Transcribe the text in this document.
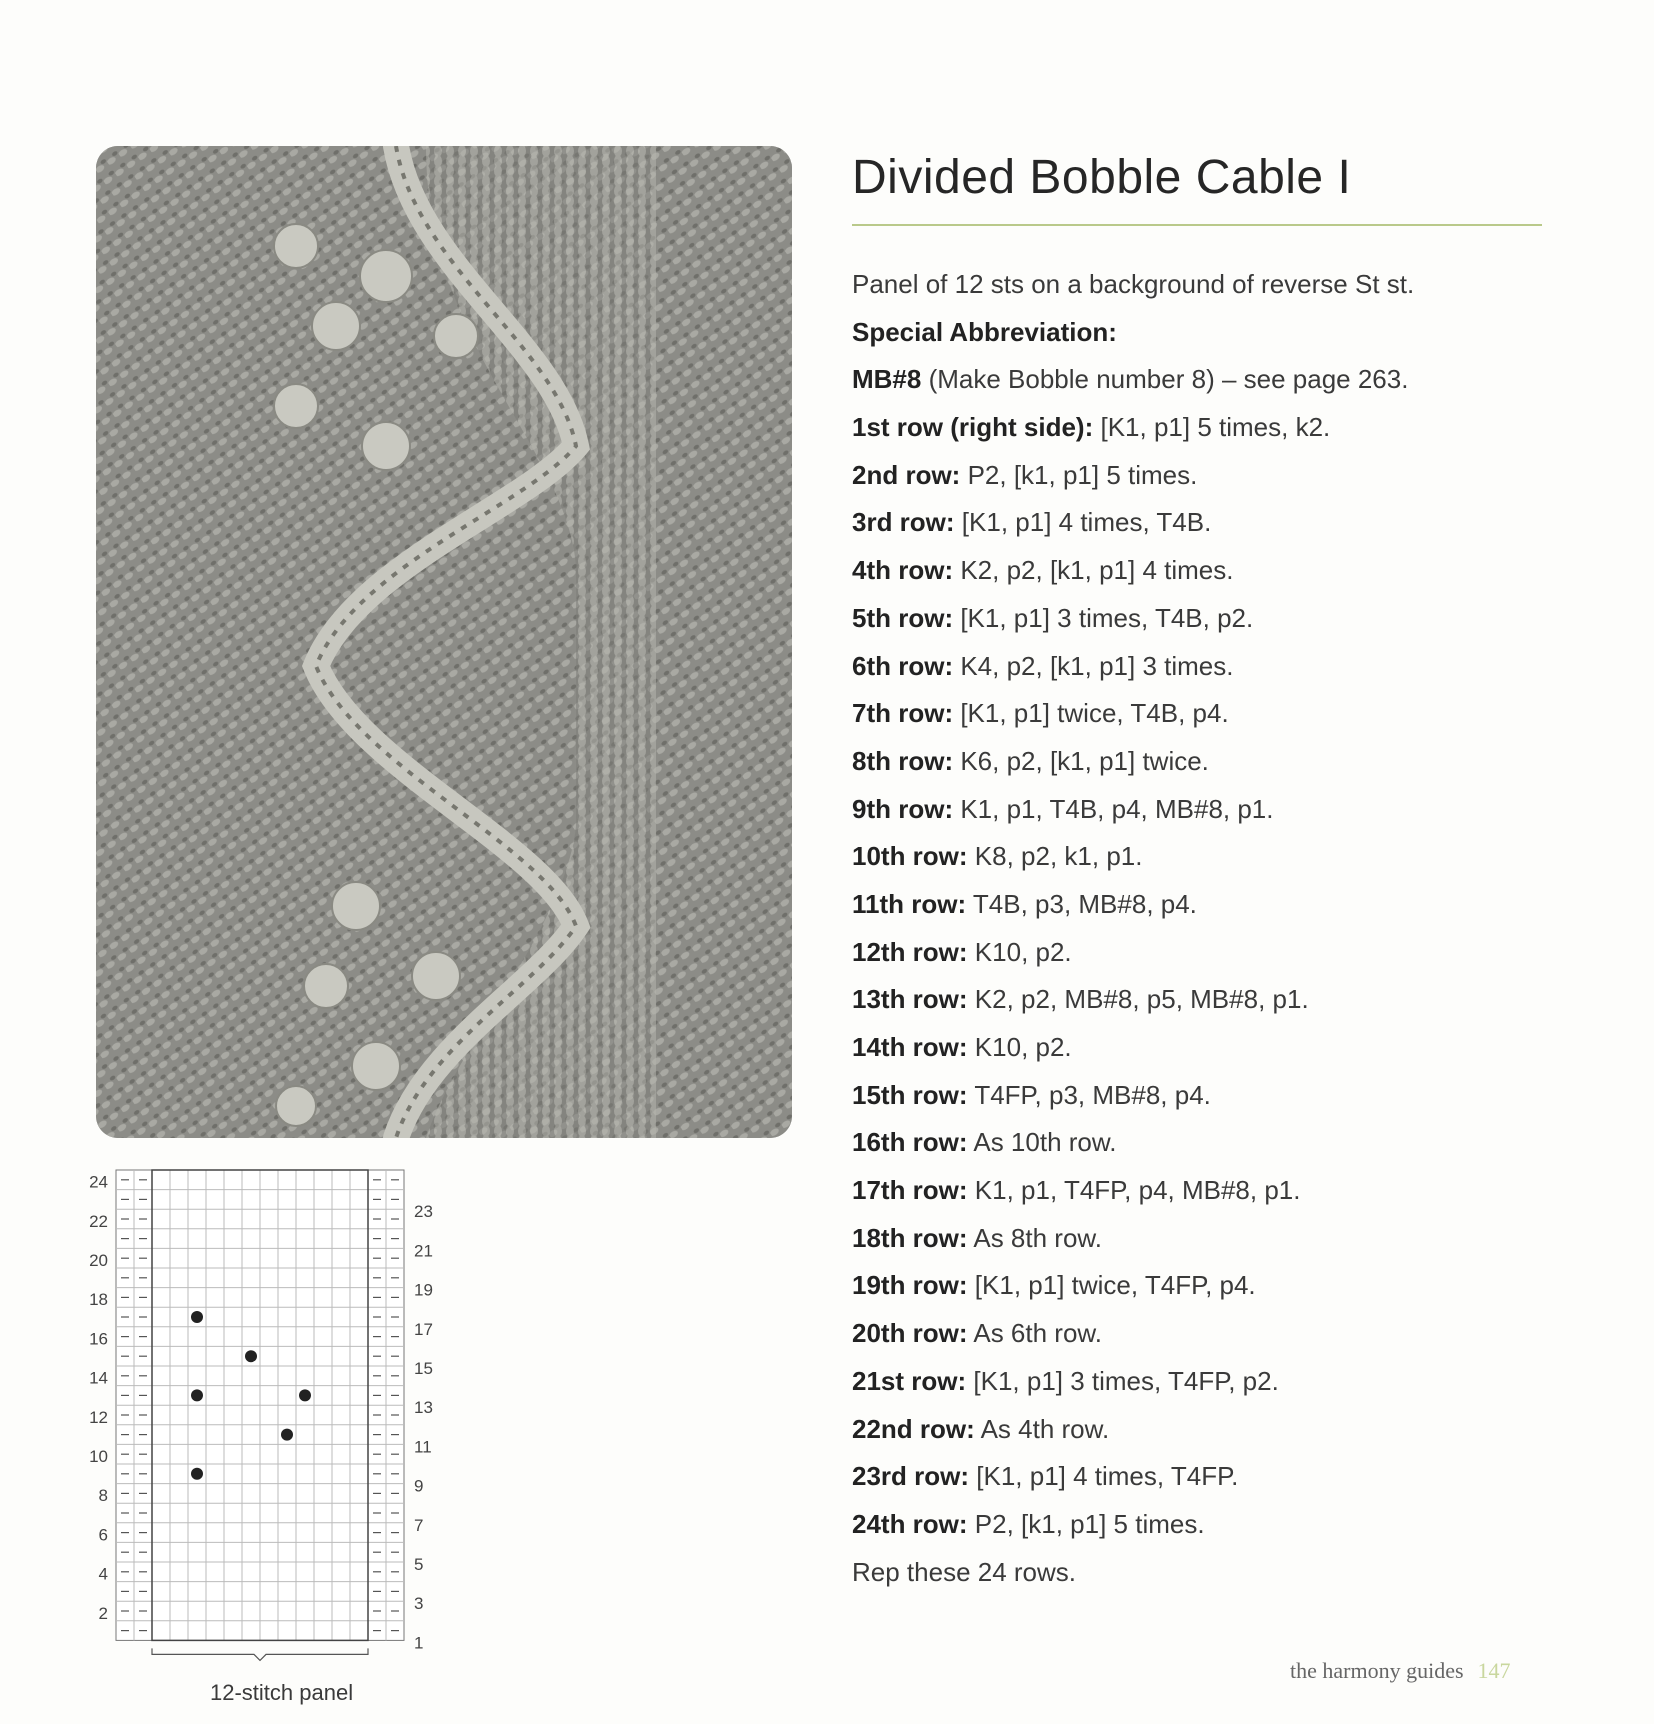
Divided Bobble Cable I
Panel of 12 sts on a background of reverse St st.
Special Abbreviation:
MB#8 (Make Bobble number 8) – see page 263.
1st row (right side): [K1, p1] 5 times, k2.
2nd row: P2, [k1, p1] 5 times.
3rd row: [K1, p1] 4 times, T4B.
4th row: K2, p2, [k1, p1] 4 times.
5th row: [K1, p1] 3 times, T4B, p2.
6th row: K4, p2, [k1, p1] 3 times.
7th row: [K1, p1] twice, T4B, p4.
8th row: K6, p2, [k1, p1] twice.
9th row: K1, p1, T4B, p4, MB#8, p1.
10th row: K8, p2, k1, p1.
11th row: T4B, p3, MB#8, p4.
12th row: K10, p2.
13th row: K2, p2, MB#8, p5, MB#8, p1.
14th row: K10, p2.
15th row: T4FP, p3, MB#8, p4.
16th row: As 10th row.
17th row: K1, p1, T4FP, p4, MB#8, p1.
18th row: As 8th row.
19th row: [K1, p1] twice, T4FP, p4.
20th row: As 6th row.
21st row: [K1, p1] 3 times, T4FP, p2.
22nd row: As 4th row.
23rd row: [K1, p1] 4 times, T4FP.
24th row: P2, [k1, p1] 5 times.
Rep these 24 rows.
24
22
20
18
16
14
12
10
8
6
4
2
23
21
19
17
15
13
11
9
7
5
3
1
12-stitch panel
the harmony guides 147
